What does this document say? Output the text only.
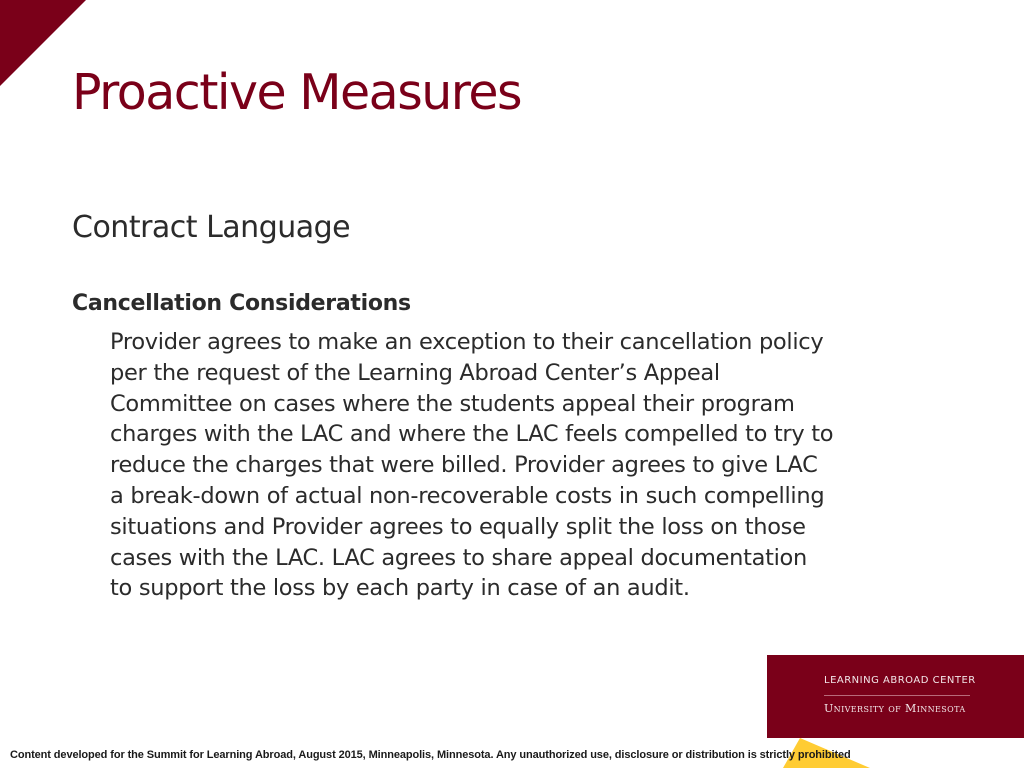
Proactive Measures
Contract Language
Cancellation Considerations

Provider agrees to make an exception to their cancellation policy
per the request of the Learning Abroad Center’s Appeal
Committee on cases where the students appeal their program
charges with the LAC and where the LAC feels compelled to try to
reduce the charges that were billed. Provider agrees to give LAC
a break-down of actual non-recoverable costs in such compelling
situations and Provider agrees to equally split the loss on those
cases with the LAC. LAC agrees to share appeal documentation
to support the loss by each party in case of an audit.

LEARNING ABROAD CENTER
University of Minnesota

Content developed for the Summit for Learning Abroad, August 2015, Minneapolis, Minnesota. Any unauthorized use, disclosure or distribution is strictly prohibited
